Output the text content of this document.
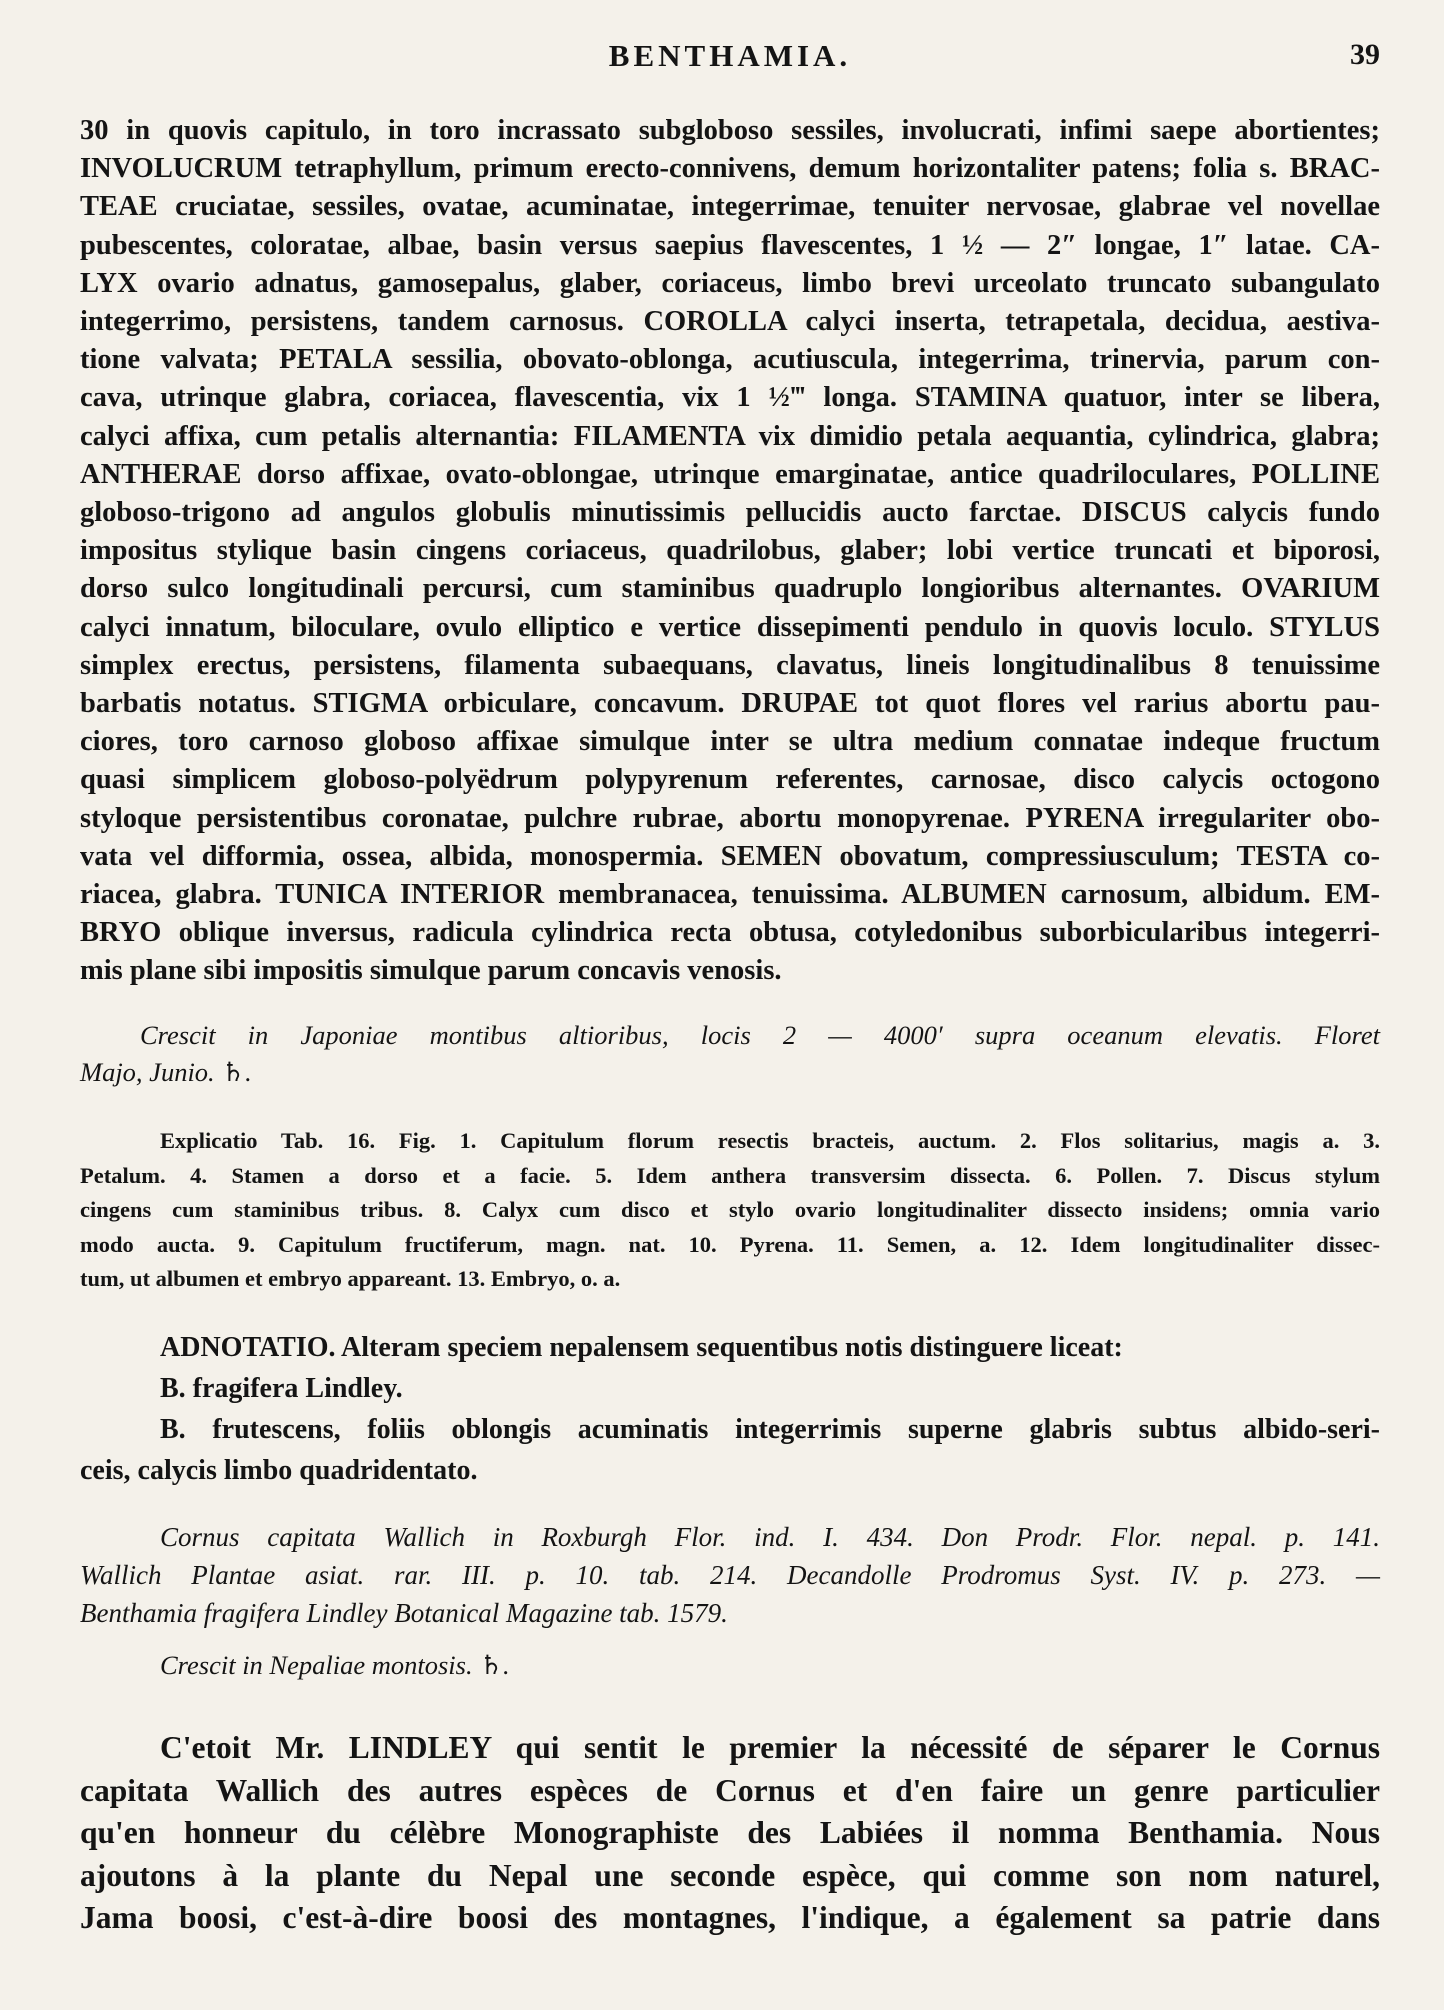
BENTHAMIA.	39
30 in quovis capitulo, in toro incrassato subgloboso sessiles, involucrati, infimi saepe abortientes;
INVOLUCRUM tetraphyllum, primum erecto-connivens, demum horizontaliter patens; folia s. BRAC-
TEAE cruciatae, sessiles, ovatae, acuminatae, integerrimae, tenuiter nervosae, glabrae vel novellae
pubescentes, coloratae, albae, basin versus saepius flavescentes, 1 ½ — 2″ longae, 1″ latae. CA-
LYX ovario adnatus, gamosepalus, glaber, coriaceus, limbo brevi urceolato truncato subangulato
integerrimo, persistens, tandem carnosus. COROLLA calyci inserta, tetrapetala, decidua, aestiva-
tione valvata; PETALA sessilia, obovato-oblonga, acutiuscula, integerrima, trinervia, parum con-
cava, utrinque glabra, coriacea, flavescentia, vix 1 ½‴ longa. STAMINA quatuor, inter se libera,
calyci affixa, cum petalis alternantia: FILAMENTA vix dimidio petala aequantia, cylindrica, glabra;
ANTHERAE dorso affixae, ovato-oblongae, utrinque emarginatae, antice quadriloculares, POLLINE
globoso-trigono ad angulos globulis minutissimis pellucidis aucto farctae. DISCUS calycis fundo
impositus stylique basin cingens coriaceus, quadrilobus, glaber; lobi vertice truncati et biporosi,
dorso sulco longitudinali percursi, cum staminibus quadruplo longioribus alternantes. OVARIUM
calyci innatum, biloculare, ovulo elliptico e vertice dissepimenti pendulo in quovis loculo. STYLUS
simplex erectus, persistens, filamenta subaequans, clavatus, lineis longitudinalibus 8 tenuissime
barbatis notatus. STIGMA orbiculare, concavum. DRUPAE tot quot flores vel rarius abortu pau-
ciores, toro carnoso globoso affixae simulque inter se ultra medium connatae indeque fructum
quasi simplicem globoso-polyëdrum polypyrenum referentes, carnosae, disco calycis octogono
styloque persistentibus coronatae, pulchre rubrae, abortu monopyrenae. PYRENA irregulariter obo-
vata vel difformia, ossea, albida, monospermia. SEMEN obovatum, compressiusculum; TESTA co-
riacea, glabra. TUNICA INTERIOR membranacea, tenuissima. ALBUMEN carnosum, albidum. EM-
BRYO oblique inversus, radicula cylindrica recta obtusa, cotyledonibus suborbicularibus integerri-
mis plane sibi impositis simulque parum concavis venosis.
Crescit in Japoniae montibus altioribus, locis 2 — 4000′ supra oceanum elevatis. Floret
Majo, Junio. ♄.
Explicatio Tab. 16. Fig. 1. Capitulum florum resectis bracteis, auctum. 2. Flos solitarius, magis a. 3.
Petalum. 4. Stamen a dorso et a facie. 5. Idem anthera transversim dissecta. 6. Pollen. 7. Discus stylum
cingens cum staminibus tribus. 8. Calyx cum disco et stylo ovario longitudinaliter dissecto insidens; omnia vario
modo aucta. 9. Capitulum fructiferum, magn. nat. 10. Pyrena. 11. Semen, a. 12. Idem longitudinaliter dissec-
tum, ut albumen et embryo appareant. 13. Embryo, o. a.
ADNOTATIO. Alteram speciem nepalensem sequentibus notis distinguere liceat:
B. fragifera Lindley.
B. frutescens, foliis oblongis acuminatis integerrimis superne glabris subtus albido-seri-
ceis, calycis limbo quadridentato.
Cornus capitata Wallich in Roxburgh Flor. ind. I. 434. Don Prodr. Flor. nepal. p. 141.
Wallich Plantae asiat. rar. III. p. 10. tab. 214. Decandolle Prodromus Syst. IV. p. 273. —
Benthamia fragifera Lindley Botanical Magazine tab. 1579.
Crescit in Nepaliae montosis. ♄.
C'etoit Mr. LINDLEY qui sentit le premier la nécessité de séparer le Cornus
capitata Wallich des autres espèces de Cornus et d'en faire un genre particulier
qu'en honneur du célèbre Monographiste des Labiées il nomma Benthamia. Nous
ajoutons à la plante du Nepal une seconde espèce, qui comme son nom naturel,
Jama boosi, c'est-à-dire boosi des montagnes, l'indique, a également sa patrie dans
